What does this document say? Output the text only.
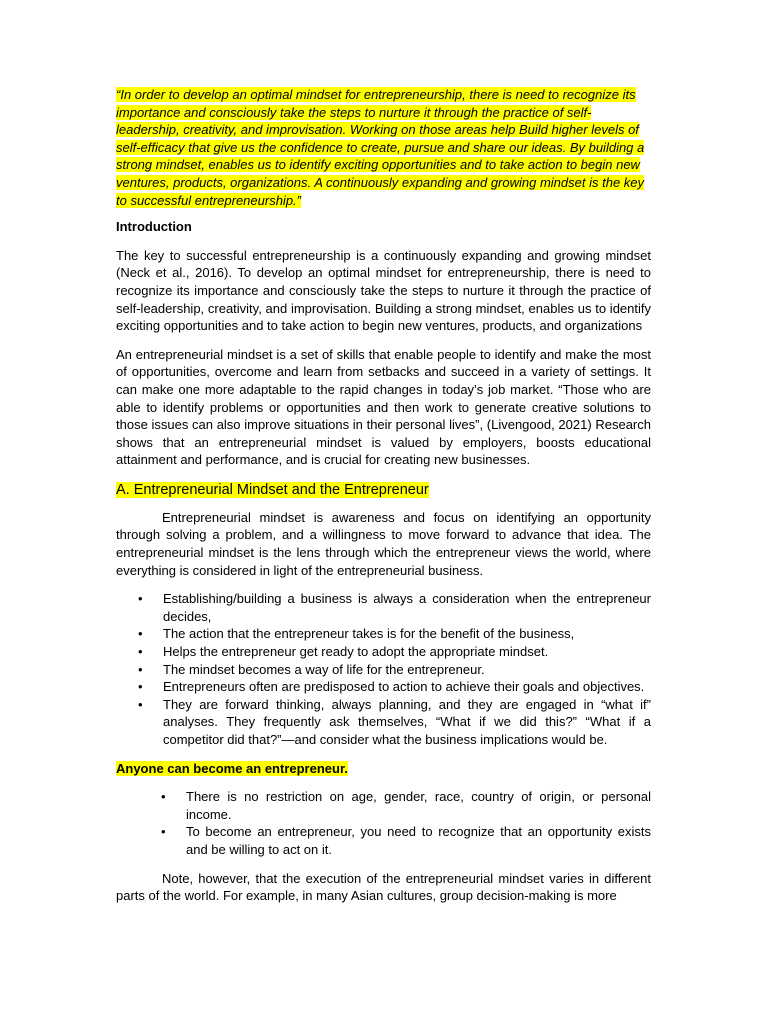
“In order to develop an optimal mindset for entrepreneurship, there is need to recognize its importance and consciously take the steps to nurture it through the practice of self-leadership, creativity, and improvisation. Working on those areas help Build higher levels of self-efficacy that give us the confidence to create, pursue and share our ideas. By building a strong mindset, enables us to identify exciting opportunities and to take action to begin new ventures, products, organizations. A continuously expanding and growing mindset is the key to successful entrepreneurship.”

Introduction

The key to successful entrepreneurship is a continuously expanding and growing mindset (Neck et al., 2016). To develop an optimal mindset for entrepreneurship, there is need to recognize its importance and consciously take the steps to nurture it through the practice of self-leadership, creativity, and improvisation. Building a strong mindset, enables us to identify exciting opportunities and to take action to begin new ventures, products, and organizations

An entrepreneurial mindset is a set of skills that enable people to identify and make the most of opportunities, overcome and learn from setbacks and succeed in a variety of settings. It can make one more adaptable to the rapid changes in today’s job market. “Those who are able to identify problems or opportunities and then work to generate creative solutions to those issues can also improve situations in their personal lives”, (Livengood, 2021) Research shows that an entrepreneurial mindset is valued by employers, boosts educational attainment and performance, and is crucial for creating new businesses.

A. Entrepreneurial Mindset and the Entrepreneur

Entrepreneurial mindset is awareness and focus on identifying an opportunity through solving a problem, and a willingness to move forward to advance that idea. The entrepreneurial mindset is the lens through which the entrepreneur views the world, where everything is considered in light of the entrepreneurial business.

• Establishing/building a business is always a consideration when the entrepreneur decides,
• The action that the entrepreneur takes is for the benefit of the business,
• Helps the entrepreneur get ready to adopt the appropriate mindset.
• The mindset becomes a way of life for the entrepreneur.
• Entrepreneurs often are predisposed to action to achieve their goals and objectives.
• They are forward thinking, always planning, and they are engaged in “what if” analyses. They frequently ask themselves, “What if we did this?” “What if a competitor did that?”—and consider what the business implications would be.

Anyone can become an entrepreneur.

• There is no restriction on age, gender, race, country of origin, or personal income.
• To become an entrepreneur, you need to recognize that an opportunity exists and be willing to act on it.

Note, however, that the execution of the entrepreneurial mindset varies in different parts of the world. For example, in many Asian cultures, group decision-making is more
